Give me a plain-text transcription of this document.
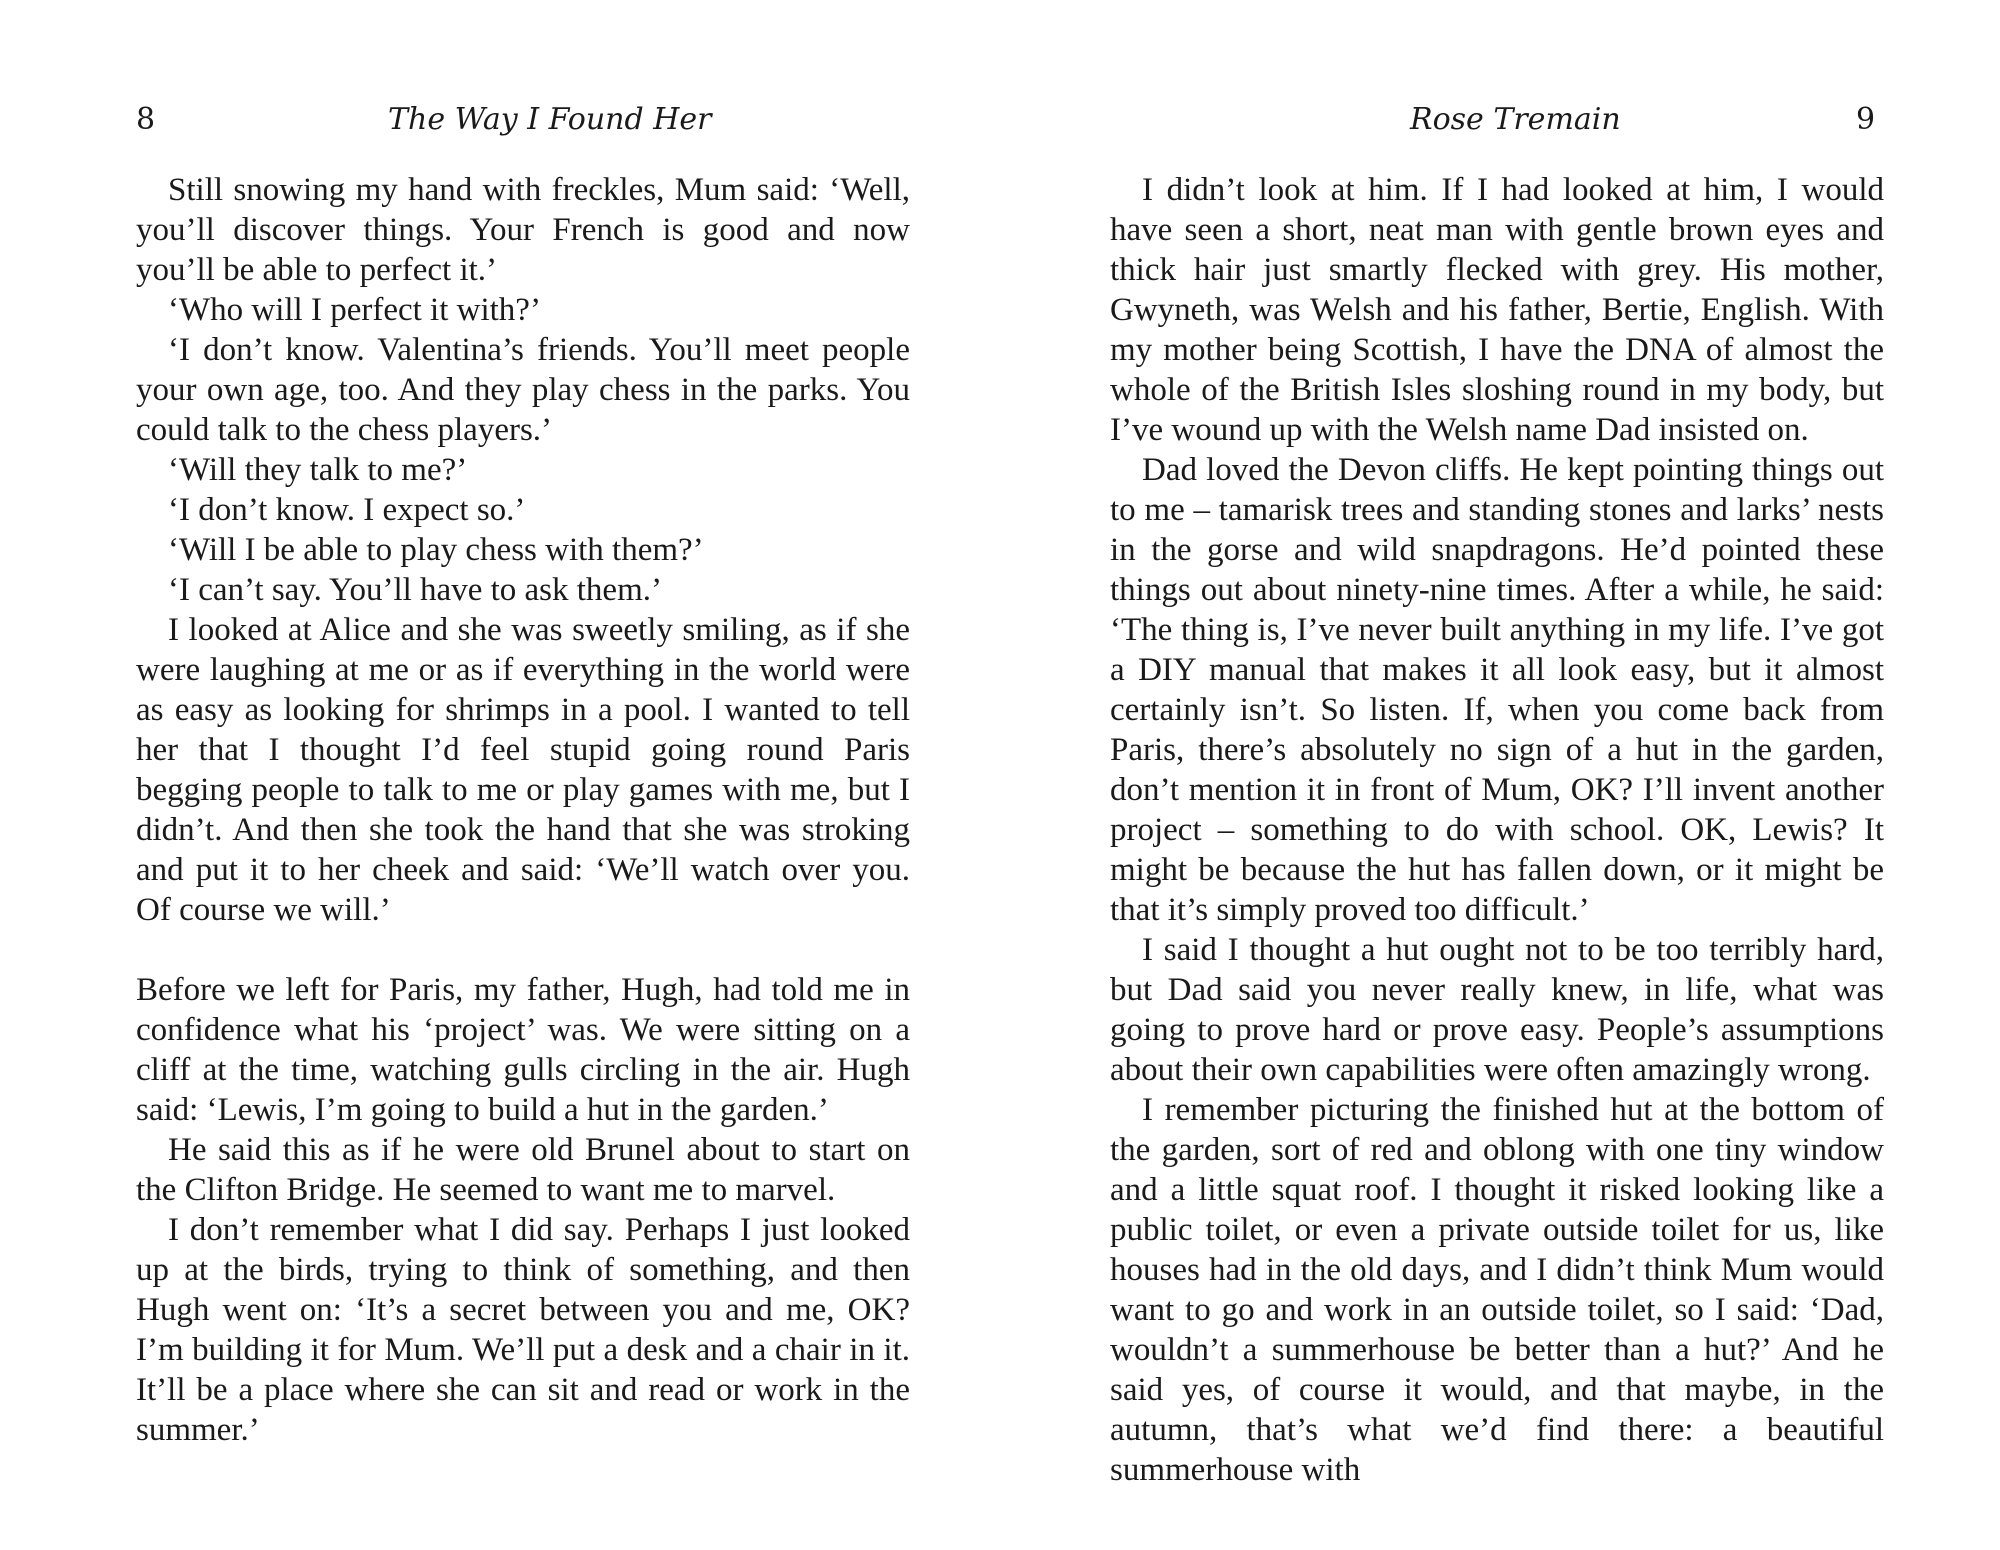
8	The Way I Found Her

Still snowing my hand with freckles, Mum said: ‘Well, you’ll discover things. Your French is good and now you’ll be able to perfect it.’

‘Who will I perfect it with?’

‘I don’t know. Valentina’s friends. You’ll meet people your own age, too. And they play chess in the parks. You could talk to the chess players.’

‘Will they talk to me?’

‘I don’t know. I expect so.’

‘Will I be able to play chess with them?’

‘I can’t say. You’ll have to ask them.’

I looked at Alice and she was sweetly smiling, as if she were laughing at me or as if everything in the world were as easy as looking for shrimps in a pool. I wanted to tell her that I thought I’d feel stupid going round Paris begging people to talk to me or play games with me, but I didn’t. And then she took the hand that she was stroking and put it to her cheek and said: ‘We’ll watch over you. Of course we will.’

Before we left for Paris, my father, Hugh, had told me in confidence what his ‘project’ was. We were sitting on a cliff at the time, watching gulls circling in the air. Hugh said: ‘Lewis, I’m going to build a hut in the garden.’

He said this as if he were old Brunel about to start on the Clifton Bridge. He seemed to want me to marvel.

I don’t remember what I did say. Perhaps I just looked up at the birds, trying to think of something, and then Hugh went on: ‘It’s a secret between you and me, OK? I’m building it for Mum. We’ll put a desk and a chair in it. It’ll be a place where she can sit and read or work in the summer.’

Rose Tremain	9

I didn’t look at him. If I had looked at him, I would have seen a short, neat man with gentle brown eyes and thick hair just smartly flecked with grey. His mother, Gwyneth, was Welsh and his father, Bertie, English. With my mother being Scottish, I have the DNA of almost the whole of the British Isles sloshing round in my body, but I’ve wound up with the Welsh name Dad insisted on.

Dad loved the Devon cliffs. He kept pointing things out to me – tamarisk trees and standing stones and larks’ nests in the gorse and wild snapdragons. He’d pointed these things out about ninety-nine times. After a while, he said: ‘The thing is, I’ve never built anything in my life. I’ve got a DIY manual that makes it all look easy, but it almost certainly isn’t. So listen. If, when you come back from Paris, there’s absolutely no sign of a hut in the garden, don’t mention it in front of Mum, OK? I’ll invent another project – something to do with school. OK, Lewis? It might be because the hut has fallen down, or it might be that it’s simply proved too difficult.’

I said I thought a hut ought not to be too terribly hard, but Dad said you never really knew, in life, what was going to prove hard or prove easy. People’s assumptions about their own capabilities were often amazingly wrong.

I remember picturing the finished hut at the bottom of the garden, sort of red and oblong with one tiny window and a little squat roof. I thought it risked looking like a public toilet, or even a private outside toilet for us, like houses had in the old days, and I didn’t think Mum would want to go and work in an outside toilet, so I said: ‘Dad, wouldn’t a summerhouse be better than a hut?’ And he said yes, of course it would, and that maybe, in the autumn, that’s what we’d find there: a beautiful summerhouse with
